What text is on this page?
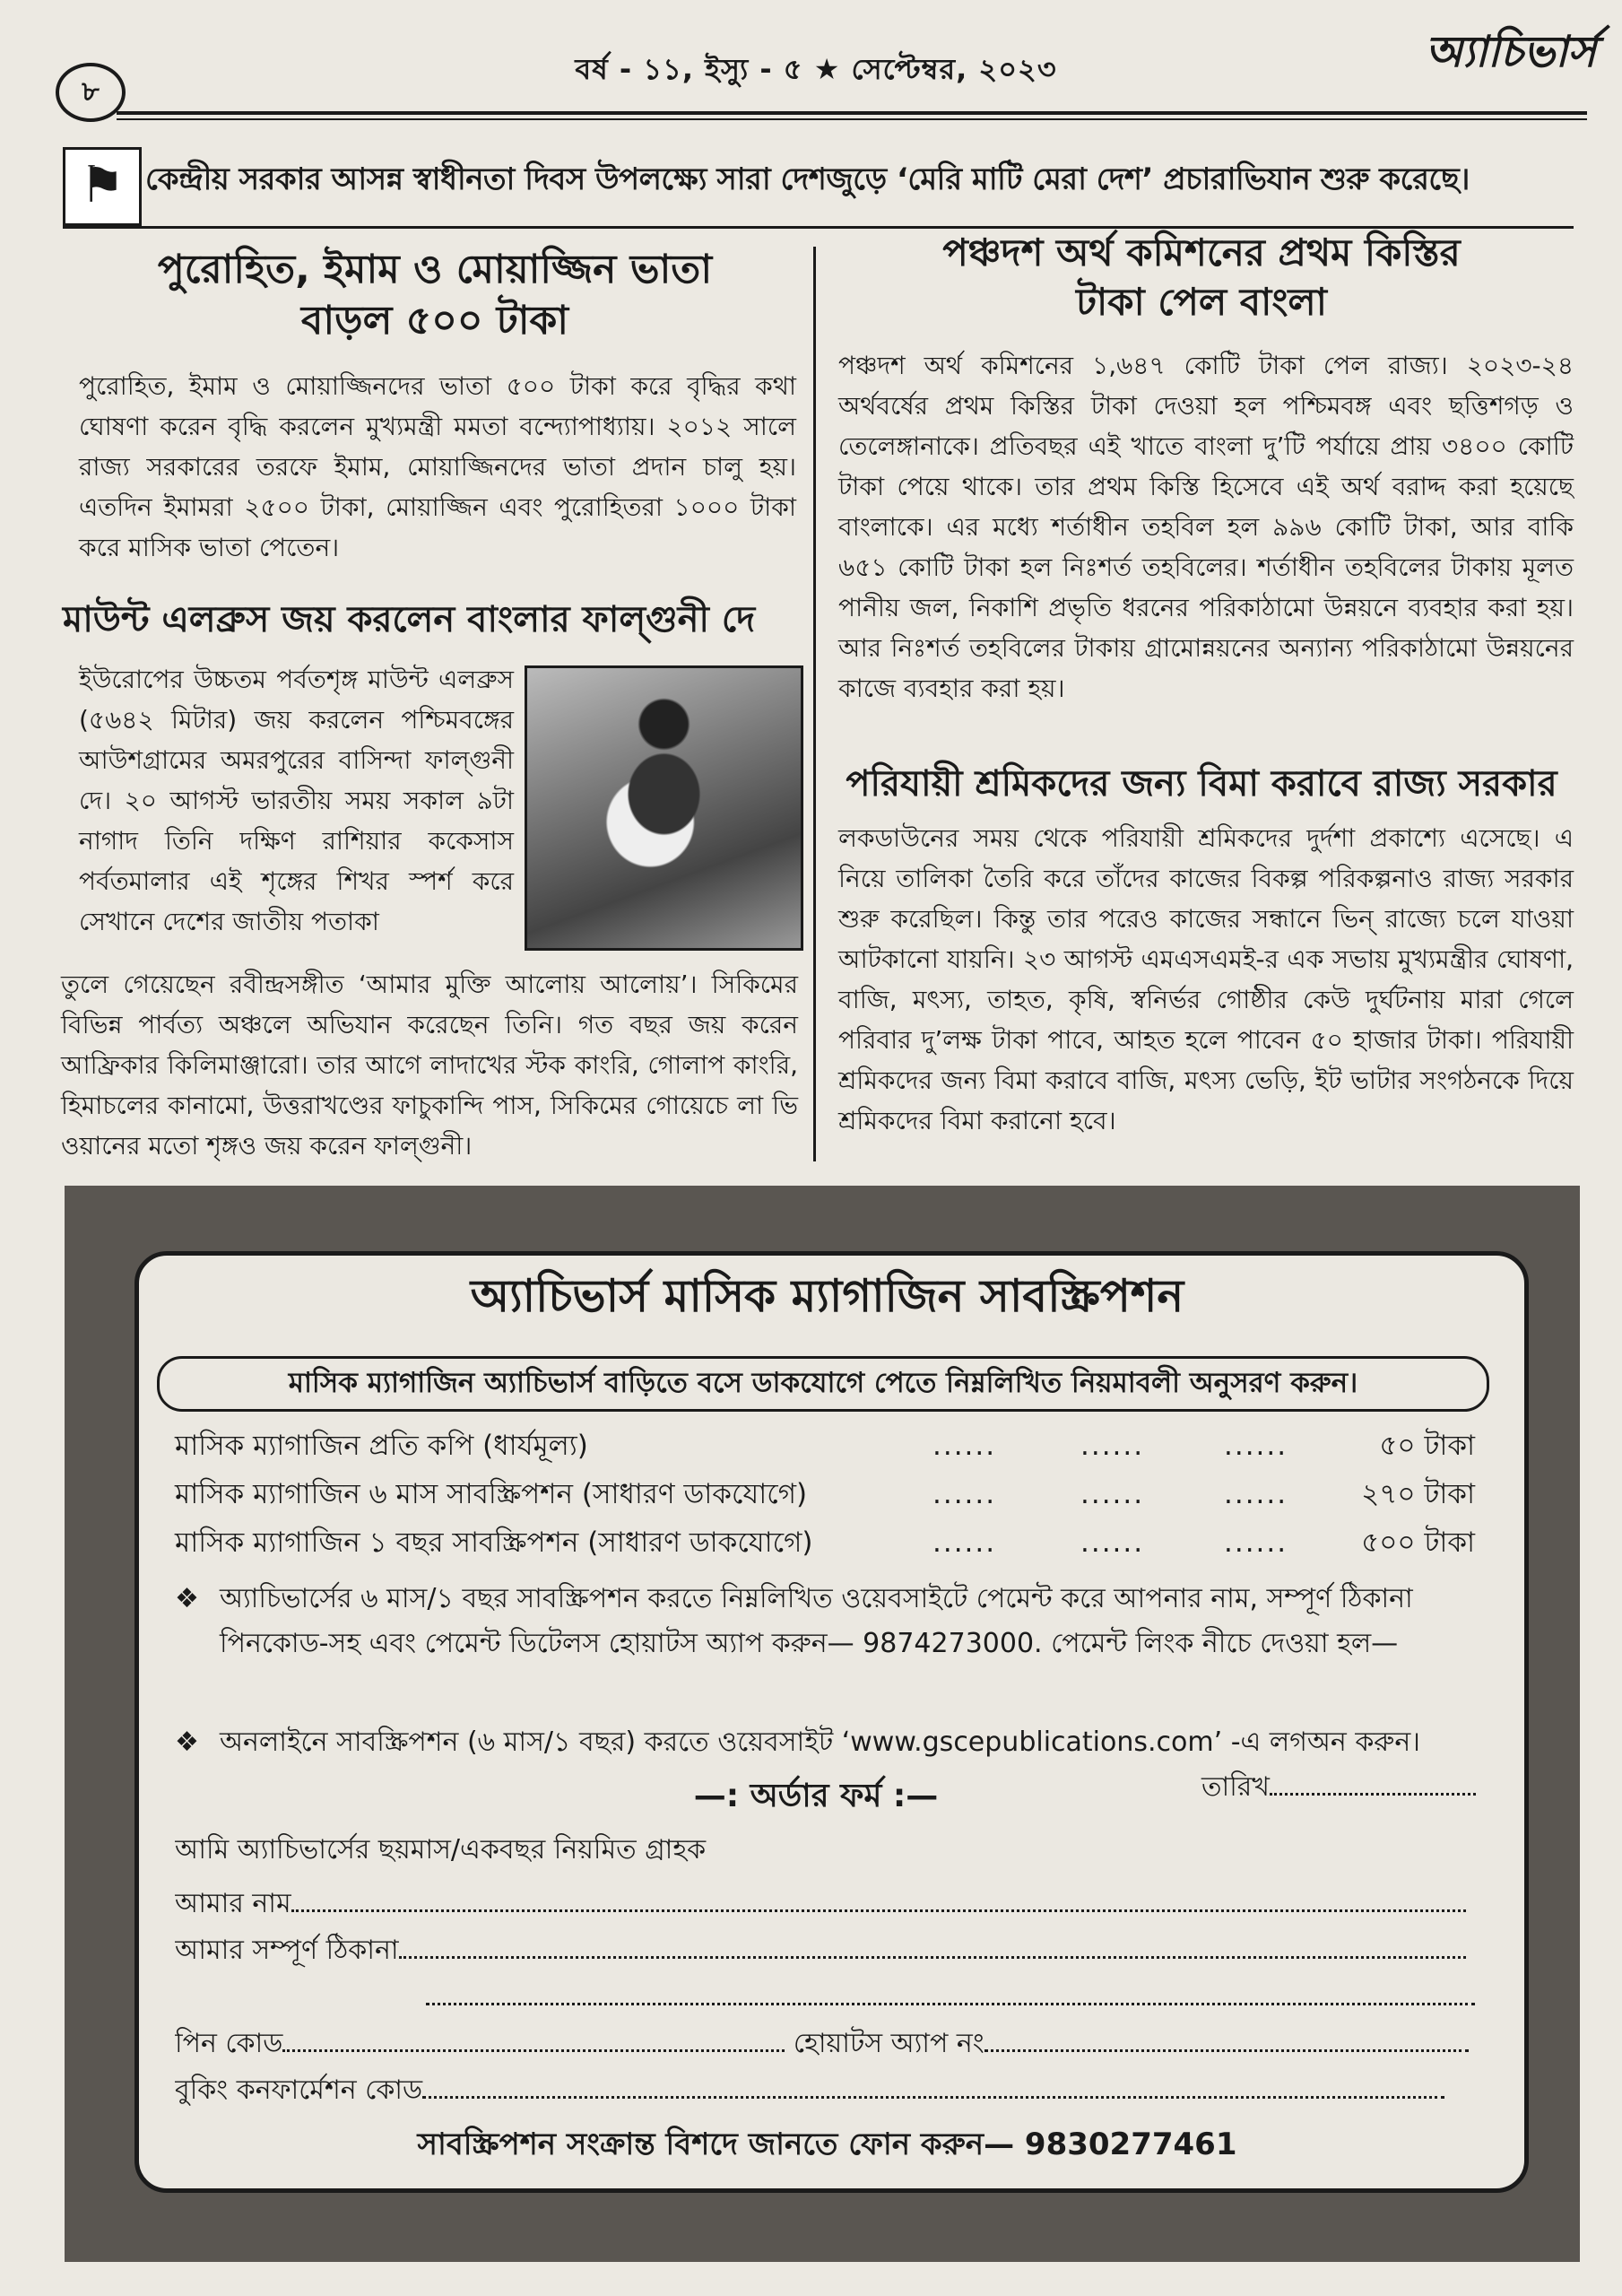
৮
বর্ষ - ১১, ইস্যু - ৫ ★ সেপ্টেম্বর, ২০২৩	অ্যাচিভার্স
⚑ কেন্দ্রীয় সরকার আসন্ন স্বাধীনতা দিবস উপলক্ষ্যে সারা দেশজুড়ে ‘মেরি মাটি মেরা দেশ’ প্রচারাভিযান শুরু করেছে।
পুরোহিত, ইমাম ও মোয়াজ্জিন ভাতা
বাড়ল ৫০০ টাকা
পুরোহিত, ইমাম ও মোয়াজ্জিনদের ভাতা ৫০০ টাকা করে বৃদ্ধির কথা ঘোষণা করেন বৃদ্ধি করলেন মুখ্যমন্ত্রী মমতা বন্দ্যোপাধ্যায়। ২০১২ সালে রাজ্য সরকারের তরফে ইমাম, মোয়াজ্জিনদের ভাতা প্রদান চালু হয়। এতদিন ইমামরা ২৫০০ টাকা, মোয়াজ্জিন এবং পুরোহিতরা ১০০০ টাকা করে মাসিক ভাতা পেতেন।
মাউন্ট এলব্রুস জয় করলেন বাংলার ফাল্গুনী দে
ইউরোপের উচ্চতম পর্বতশৃঙ্গ মাউন্ট এলব্রুস (৫৬৪২ মিটার) জয় করলেন পশ্চিমবঙ্গের আউশগ্রামের অমরপুরের বাসিন্দা ফাল্গুনী দে। ২০ আগস্ট ভারতীয় সময় সকাল ৯টা নাগাদ তিনি দক্ষিণ রাশিয়ার ককেসাস পর্বতমালার এই শৃঙ্গের শিখর স্পর্শ করে সেখানে দেশের জাতীয় পতাকা
তুলে গেয়েছেন রবীন্দ্রসঙ্গীত ‘আমার মুক্তি আলোয় আলোয়’। সিকিমের বিভিন্ন পার্বত্য অঞ্চলে অভিযান করেছেন তিনি। গত বছর জয় করেন আফ্রিকার কিলিমাঞ্জারো। তার আগে লাদাখের স্টক কাংরি, গোলাপ কাংরি, হিমাচলের কানামো, উত্তরাখণ্ডের ফাচুকান্দি পাস, সিকিমের গোয়েচে লা ভি ওয়ানের মতো শৃঙ্গও জয় করেন ফাল্গুনী।
পঞ্চদশ অর্থ কমিশনের প্রথম কিস্তির
টাকা পেল বাংলা
পঞ্চদশ অর্থ কমিশনের ১,৬৪৭ কোটি টাকা পেল রাজ্য। ২০২৩-২৪ অর্থবর্ষের প্রথম কিস্তির টাকা দেওয়া হল পশ্চিমবঙ্গ এবং ছত্তিশগড় ও তেলেঙ্গানাকে। প্রতিবছর এই খাতে বাংলা দু’টি পর্যায়ে প্রায় ৩৪০০ কোটি টাকা পেয়ে থাকে। তার প্রথম কিস্তি হিসেবে এই অর্থ বরাদ্দ করা হয়েছে বাংলাকে। এর মধ্যে শর্তাধীন তহবিল হল ৯৯৬ কোটি টাকা, আর বাকি ৬৫১ কোটি টাকা হল নিঃশর্ত তহবিলের। শর্তাধীন তহবিলের টাকায় মূলত পানীয় জল, নিকাশি প্রভৃতি ধরনের পরিকাঠামো উন্নয়নে ব্যবহার করা হয়। আর নিঃশর্ত তহবিলের টাকায় গ্রামোন্নয়নের অন্যান্য পরিকাঠামো উন্নয়নের কাজে ব্যবহার করা হয়।
পরিযায়ী শ্রমিকদের জন্য বিমা করাবে রাজ্য সরকার
লকডাউনের সময় থেকে পরিযায়ী শ্রমিকদের দুর্দশা প্রকাশ্যে এসেছে। এ নিয়ে তালিকা তৈরি করে তাঁদের কাজের বিকল্প পরিকল্পনাও রাজ্য সরকার শুরু করেছিল। কিন্তু তার পরেও কাজের সন্ধানে ভিন্ রাজ্যে চলে যাওয়া আটকানো যায়নি। ২৩ আগস্ট এমএসএমই-র এক সভায় মুখ্যমন্ত্রীর ঘোষণা, বাজি, মৎস্য, তাহত, কৃষি, স্বনির্ভর গোষ্ঠীর কেউ দুর্ঘটনায় মারা গেলে পরিবার দু’লক্ষ টাকা পাবে, আহত হলে পাবেন ৫০ হাজার টাকা। পরিযায়ী শ্রমিকদের জন্য বিমা করাবে বাজি, মৎস্য ভেড়ি, ইট ভাটার সংগঠনকে দিয়ে শ্রমিকদের বিমা করানো হবে।
অ্যাচিভার্স মাসিক ম্যাগাজিন সাবস্ক্রিপশন
মাসিক ম্যাগাজিন অ্যাচিভার্স বাড়িতে বসে ডাকযোগে পেতে নিম্নলিখিত নিয়মাবলী অনুসরণ করুন।
মাসিক ম্যাগাজিন প্রতি কপি (ধার্যমূল্য)	......	......	......	৫০ টাকা
মাসিক ম্যাগাজিন ৬ মাস সাবস্ক্রিপশন (সাধারণ ডাকযোগে)	......	......	......	২৭০ টাকা
মাসিক ম্যাগাজিন ১ বছর সাবস্ক্রিপশন (সাধারণ ডাকযোগে)	......	......	......	৫০০ টাকা
❖ অ্যাচিভার্সের ৬ মাস/১ বছর সাবস্ক্রিপশন করতে নিম্নলিখিত ওয়েবসাইটে পেমেন্ট করে আপনার নাম, সম্পূর্ণ ঠিকানা পিনকোড-সহ এবং পেমেন্ট ডিটেলস হোয়াটস অ্যাপ করুন— 9874273000. পেমেন্ট লিংক নীচে দেওয়া হল—
❖ অনলাইনে সাবস্ক্রিপশন (৬ মাস/১ বছর) করতে ওয়েবসাইট ‘www.gscepublications.com’ -এ লগঅন করুন।
—: অর্ডার ফর্ম :—	তারিখ
আমি অ্যাচিভার্সের ছয়মাস/একবছর নিয়মিত গ্রাহক
আমার নাম
আমার সম্পূর্ণ ঠিকানা
পিন কোড	হোয়াটস অ্যাপ নং
বুকিং কনফার্মেশন কোড
সাবস্ক্রিপশন সংক্রান্ত বিশদে জানতে ফোন করুন— 9830277461
